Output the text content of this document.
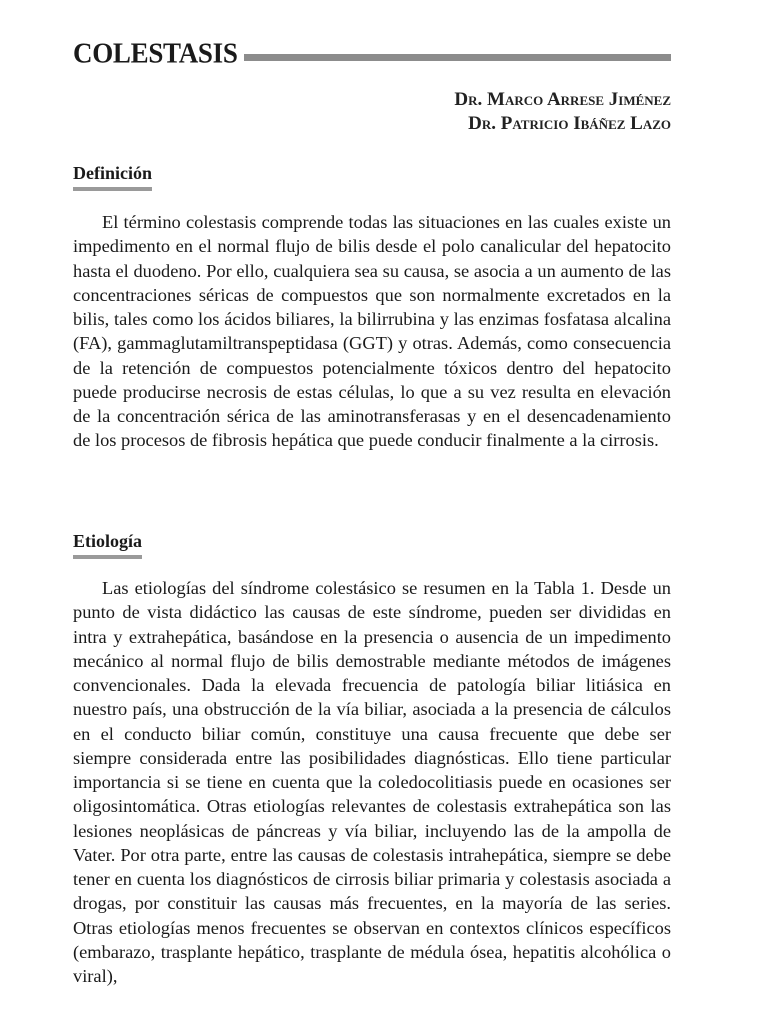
COLESTASIS
Dr. Marco Arrese Jiménez
Dr. Patricio Ibáñez Lazo
Definición

El término colestasis comprende todas las situaciones en las cuales existe un impedimento en el normal flujo de bilis desde el polo canalicular del hepatocito hasta el duodeno. Por ello, cualquiera sea su causa, se asocia a un aumento de las concentraciones séricas de compuestos que son normalmente excretados en la bilis, tales como los ácidos biliares, la bilirrubina y las enzimas fosfatasa alcalina (FA), gammaglutamiltranspeptidasa (GGT) y otras. Además, como consecuencia de la retención de compuestos potencialmente tóxicos dentro del hepatocito puede producirse necrosis de estas células, lo que a su vez resulta en elevación de la concentración sérica de las aminotransferasas y en el desencadenamiento de los procesos de fibrosis hepática que puede conducir finalmente a la cirrosis.

Etiología

Las etiologías del síndrome colestásico se resumen en la Tabla 1. Desde un punto de vista didáctico las causas de este síndrome, pueden ser divididas en intra y extrahepática, basándose en la presencia o ausencia de un impedimento mecánico al normal flujo de bilis demostrable mediante métodos de imágenes convencionales. Dada la elevada frecuencia de patología biliar litiásica en nuestro país, una obstrucción de la vía biliar, asociada a la presencia de cálculos en el conducto biliar común, constituye una causa frecuente que debe ser siempre considerada entre las posibilidades diagnósticas. Ello tiene particular importancia si se tiene en cuenta que la coledocolitiasis puede en ocasiones ser oligosintomática. Otras etiologías relevantes de colestasis extrahepática son las lesiones neoplásicas de páncreas y vía biliar, incluyendo las de la ampolla de Vater. Por otra parte, entre las causas de colestasis intrahepática, siempre se debe tener en cuenta los diagnósticos de cirrosis biliar primaria y colestasis asociada a drogas, por constituir las causas más frecuentes, en la mayoría de las series. Otras etiologías menos frecuentes se observan en contextos clínicos específicos (embarazo, trasplante hepático, trasplante de médula ósea, hepatitis alcohólica o viral),
